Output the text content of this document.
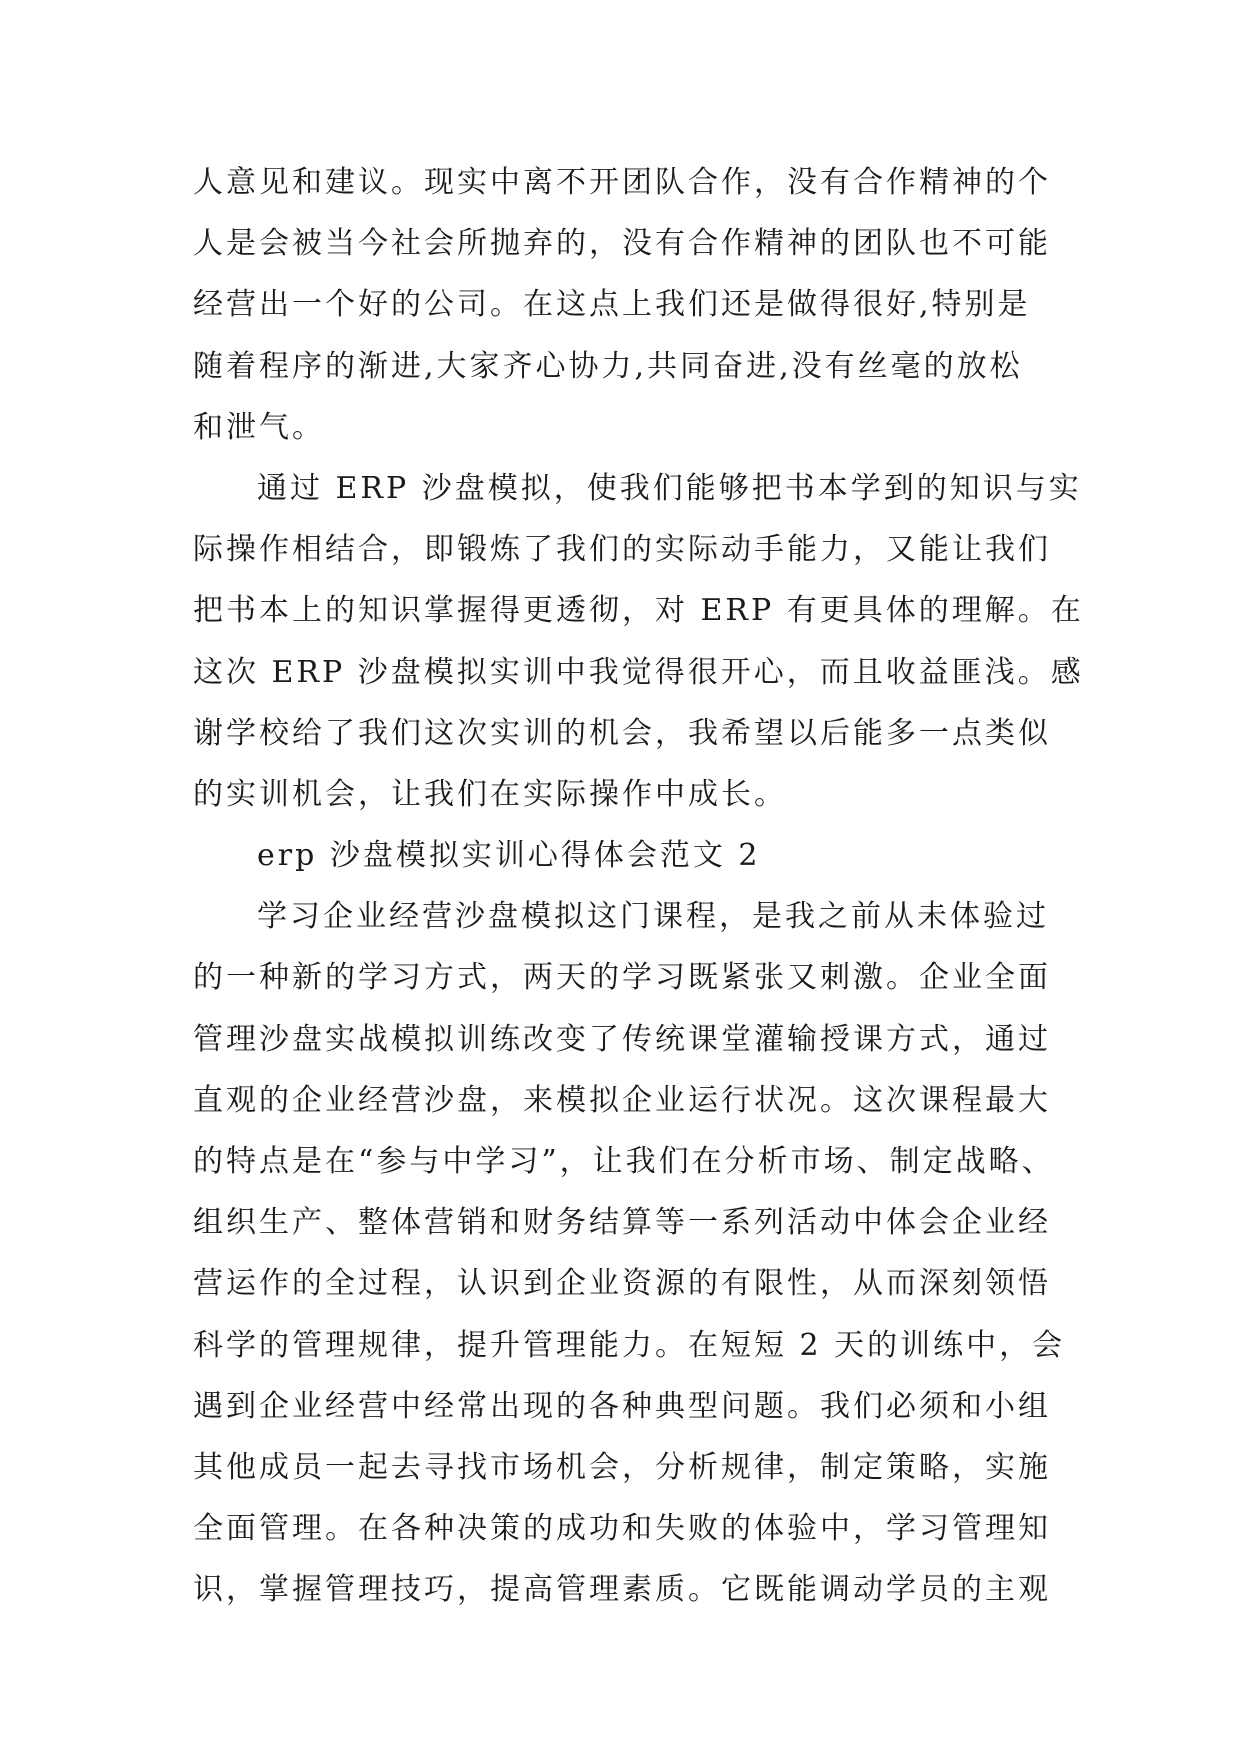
人意见和建议。现实中离不开团队合作，没有合作精神的个
人是会被当今社会所抛弃的，没有合作精神的团队也不可能
经营出一个好的公司。在这点上我们还是做得很好,特别是
随着程序的渐进,大家齐心协力,共同奋进,没有丝毫的放松
和泄气。
通过 ERP 沙盘模拟，使我们能够把书本学到的知识与实
际操作相结合，即锻炼了我们的实际动手能力，又能让我们
把书本上的知识掌握得更透彻，对 ERP 有更具体的理解。在
这次 ERP 沙盘模拟实训中我觉得很开心，而且收益匪浅。感
谢学校给了我们这次实训的机会，我希望以后能多一点类似
的实训机会，让我们在实际操作中成长。
erp 沙盘模拟实训心得体会范文 2
学习企业经营沙盘模拟这门课程，是我之前从未体验过
的一种新的学习方式，两天的学习既紧张又刺激。企业全面
管理沙盘实战模拟训练改变了传统课堂灌输授课方式，通过
直观的企业经营沙盘，来模拟企业运行状况。这次课程最大
的特点是在“参与中学习”，让我们在分析市场、制定战略、
组织生产、整体营销和财务结算等一系列活动中体会企业经
营运作的全过程，认识到企业资源的有限性，从而深刻领悟
科学的管理规律，提升管理能力。在短短 2 天的训练中，会
遇到企业经营中经常出现的各种典型问题。我们必须和小组
其他成员一起去寻找市场机会，分析规律，制定策略，实施
全面管理。在各种决策的成功和失败的体验中，学习管理知
识，掌握管理技巧，提高管理素质。它既能调动学员的主观
